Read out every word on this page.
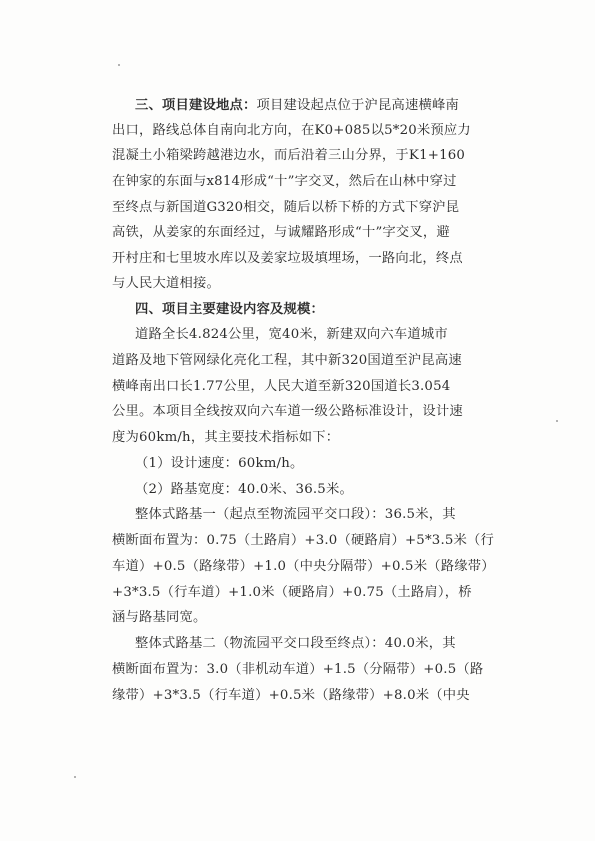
三、项目建设地点：项目建设起点位于沪昆高速横峰南
出口，路线总体自南向北方向，在K0+085以5*20米预应力
混凝土小箱梁跨越港边水，而后沿着三山分界，于K1+160
在钟家的东面与x814形成“十”字交叉，然后在山林中穿过
至终点与新国道G320相交，随后以桥下桥的方式下穿沪昆
高铁，从姜家的东面经过，与诚耀路形成“十”字交叉，避
开村庄和七里坡水库以及姜家垃圾填埋场，一路向北，终点
与人民大道相接。
四、项目主要建设内容及规模：
道路全长4.824公里，宽40米，新建双向六车道城市
道路及地下管网绿化亮化工程，其中新320国道至沪昆高速
横峰南出口长1.77公里，人民大道至新320国道长3.054
公里。本项目全线按双向六车道一级公路标准设计，设计速
度为60km/h，其主要技术指标如下：
（1）设计速度：60km/h。
（2）路基宽度：40.0米、36.5米。
整体式路基一（起点至物流园平交口段）：36.5米，其
横断面布置为：0.75（土路肩）+3.0（硬路肩）+5*3.5米（行
车道）+0.5（路缘带）+1.0（中央分隔带）+0.5米（路缘带）
+3*3.5（行车道）+1.0米（硬路肩）+0.75（土路肩），桥
涵与路基同宽。
整体式路基二（物流园平交口段至终点）：40.0米，其
横断面布置为：3.0（非机动车道）+1.5（分隔带）+0.5（路
缘带）+3*3.5（行车道）+0.5米（路缘带）+8.0米（中央
